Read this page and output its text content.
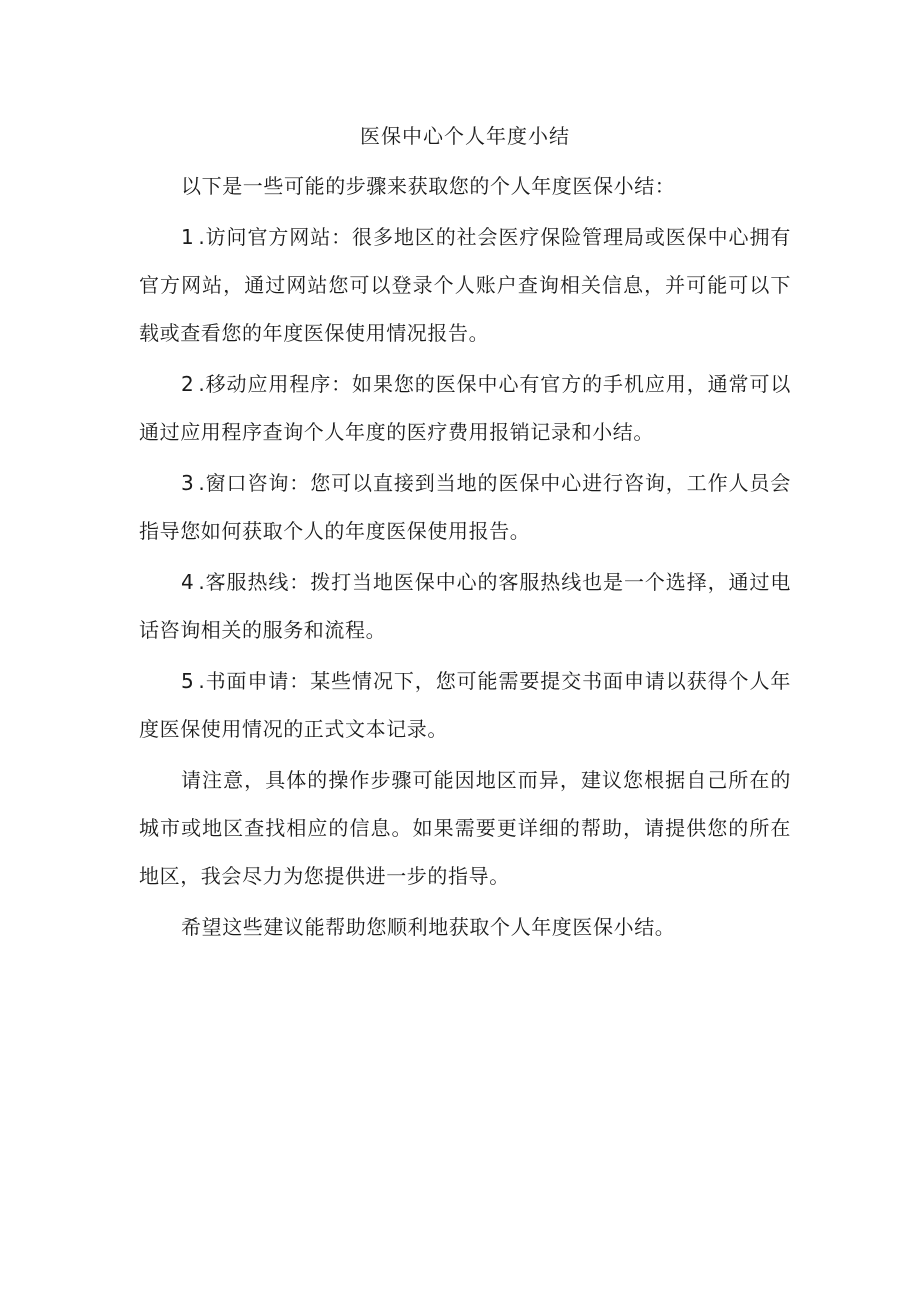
医保中心个人年度小结

以下是一些可能的步骤来获取您的个人年度医保小结：

1 .访问官方网站：很多地区的社会医疗保险管理局或医保中心拥有官方网站，通过网站您可以登录个人账户查询相关信息，并可能可以下载或查看您的年度医保使用情况报告。

2 .移动应用程序：如果您的医保中心有官方的手机应用，通常可以通过应用程序查询个人年度的医疗费用报销记录和小结。

3 .窗口咨询：您可以直接到当地的医保中心进行咨询，工作人员会指导您如何获取个人的年度医保使用报告。

4 .客服热线：拨打当地医保中心的客服热线也是一个选择，通过电话咨询相关的服务和流程。

5 .书面申请：某些情况下，您可能需要提交书面申请以获得个人年度医保使用情况的正式文本记录。

请注意，具体的操作步骤可能因地区而异，建议您根据自己所在的城市或地区查找相应的信息。如果需要更详细的帮助，请提供您的所在地区，我会尽力为您提供进一步的指导。

希望这些建议能帮助您顺利地获取个人年度医保小结。
